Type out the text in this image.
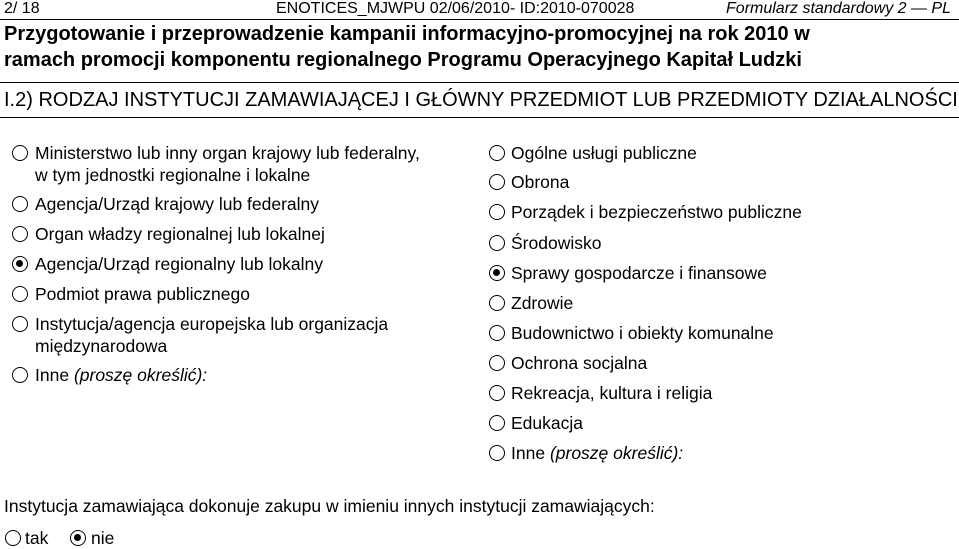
2/ 18	ENOTICES_MJWPU 02/06/2010- ID:2010-070028	Formularz standardowy 2 — PL
Przygotowanie i przeprowadzenie kampanii informacyjno-promocyjnej na rok 2010 w
ramach promocji komponentu regionalnego Programu Operacyjnego Kapitał Ludzki
I.2) RODZAJ INSTYTUCJI ZAMAWIAJĄCEJ I GŁÓWNY PRZEDMIOT LUB PRZEDMIOTY DZIAŁALNOŚCI
Ministerstwo lub inny organ krajowy lub federalny,
w tym jednostki regionalne i lokalne
Agencja/Urząd krajowy lub federalny
Organ władzy regionalnej lub lokalnej
Agencja/Urząd regionalny lub lokalny
Podmiot prawa publicznego
Instytucja/agencja europejska lub organizacja
międzynarodowa
Inne (proszę określić):
Ogólne usługi publiczne
Obrona
Porządek i bezpieczeństwo publiczne
Środowisko
Sprawy gospodarcze i finansowe
Zdrowie
Budownictwo i obiekty komunalne
Ochrona socjalna
Rekreacja, kultura i religia
Edukacja
Inne (proszę określić):
Instytucja zamawiająca dokonuje zakupu w imieniu innych instytucji zamawiających:
tak nie
